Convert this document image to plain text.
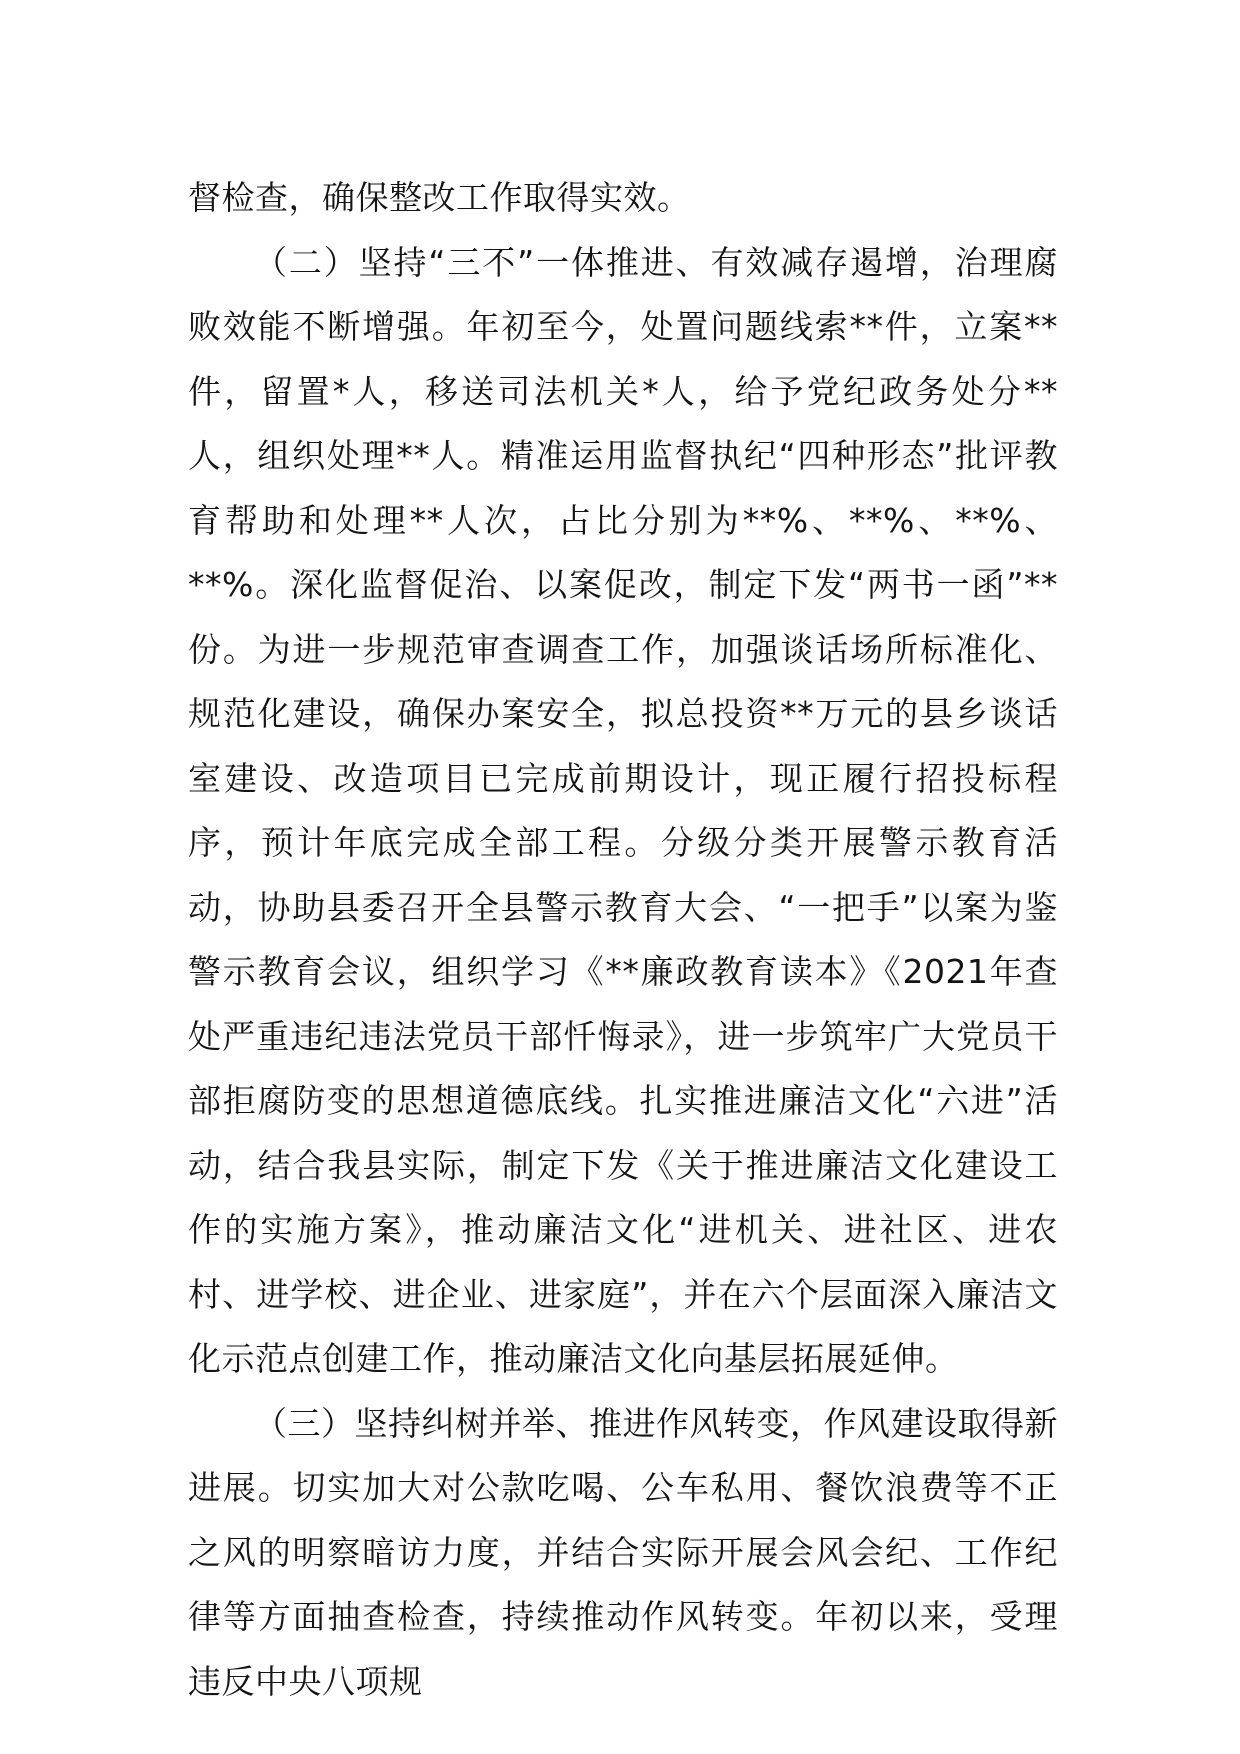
督检查，确保整改工作取得实效。

（二）坚持“三不”一体推进、有效减存遏增，治理腐败效能不断增强。年初至今，处置问题线索**件，立案**件，留置*人，移送司法机关*人，给予党纪政务处分**人，组织处理**人。精准运用监督执纪“四种形态”批评教育帮助和处理**人次，占比分别为**%、**%、**%、**%。深化监督促治、以案促改，制定下发“两书一函”**份。为进一步规范审查调查工作，加强谈话场所标准化、规范化建设，确保办案安全，拟总投资**万元的县乡谈话室建设、改造项目已完成前期设计，现正履行招投标程序，预计年底完成全部工程。分级分类开展警示教育活动，协助县委召开全县警示教育大会、“一把手”以案为鉴警示教育会议，组织学习《**廉政教育读本》《2021年查处严重违纪违法党员干部忏悔录》，进一步筑牢广大党员干部拒腐防变的思想道德底线。扎实推进廉洁文化“六进”活动，结合我县实际，制定下发《关于推进廉洁文化建设工作的实施方案》，推动廉洁文化“进机关、进社区、进农村、进学校、进企业、进家庭”，并在六个层面深入廉洁文化示范点创建工作，推动廉洁文化向基层拓展延伸。

（三）坚持纠树并举、推进作风转变，作风建设取得新进展。切实加大对公款吃喝、公车私用、餐饮浪费等不正之风的明察暗访力度，并结合实际开展会风会纪、工作纪律等方面抽查检查，持续推动作风转变。年初以来，受理违反中央八项规
